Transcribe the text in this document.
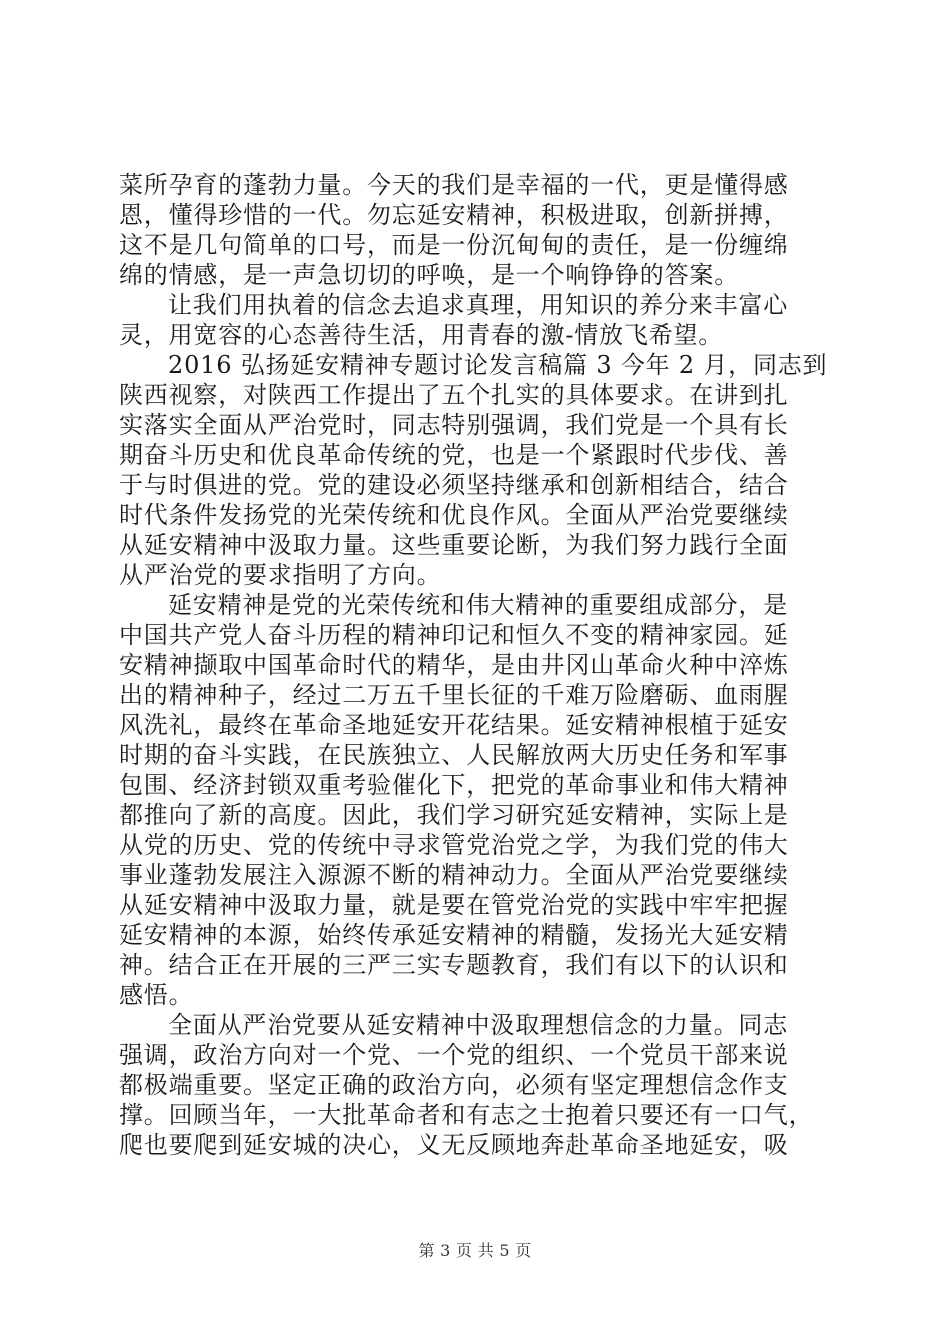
菜所孕育的蓬勃力量。今天的我们是幸福的一代，更是懂得感
恩，懂得珍惜的一代。勿忘延安精神，积极进取，创新拼搏，
这不是几句简单的口号，而是一份沉甸甸的责任，是一份缠绵
绵的情感，是一声急切切的呼唤，是一个响铮铮的答案。
让我们用执着的信念去追求真理，用知识的养分来丰富心
灵，用宽容的心态善待生活，用青春的激-情放飞希望。
2016 弘扬延安精神专题讨论发言稿篇 3 今年 2 月，同志到
陕西视察，对陕西工作提出了五个扎实的具体要求。在讲到扎
实落实全面从严治党时，同志特别强调，我们党是一个具有长
期奋斗历史和优良革命传统的党，也是一个紧跟时代步伐、善
于与时俱进的党。党的建设必须坚持继承和创新相结合，结合
时代条件发扬党的光荣传统和优良作风。全面从严治党要继续
从延安精神中汲取力量。这些重要论断，为我们努力践行全面
从严治党的要求指明了方向。
延安精神是党的光荣传统和伟大精神的重要组成部分，是
中国共产党人奋斗历程的精神印记和恒久不变的精神家园。延
安精神撷取中国革命时代的精华，是由井冈山革命火种中淬炼
出的精神种子，经过二万五千里长征的千难万险磨砺、血雨腥
风洗礼，最终在革命圣地延安开花结果。延安精神根植于延安
时期的奋斗实践，在民族独立、人民解放两大历史任务和军事
包围、经济封锁双重考验催化下，把党的革命事业和伟大精神
都推向了新的高度。因此，我们学习研究延安精神，实际上是
从党的历史、党的传统中寻求管党治党之学，为我们党的伟大
事业蓬勃发展注入源源不断的精神动力。全面从严治党要继续
从延安精神中汲取力量，就是要在管党治党的实践中牢牢把握
延安精神的本源，始终传承延安精神的精髓，发扬光大延安精
神。结合正在开展的三严三实专题教育，我们有以下的认识和
感悟。
全面从严治党要从延安精神中汲取理想信念的力量。同志
强调，政治方向对一个党、一个党的组织、一个党员干部来说
都极端重要。坚定正确的政治方向，必须有坚定理想信念作支
撑。回顾当年，一大批革命者和有志之士抱着只要还有一口气，
爬也要爬到延安城的决心，义无反顾地奔赴革命圣地延安，吸
第 3 页 共 5 页
